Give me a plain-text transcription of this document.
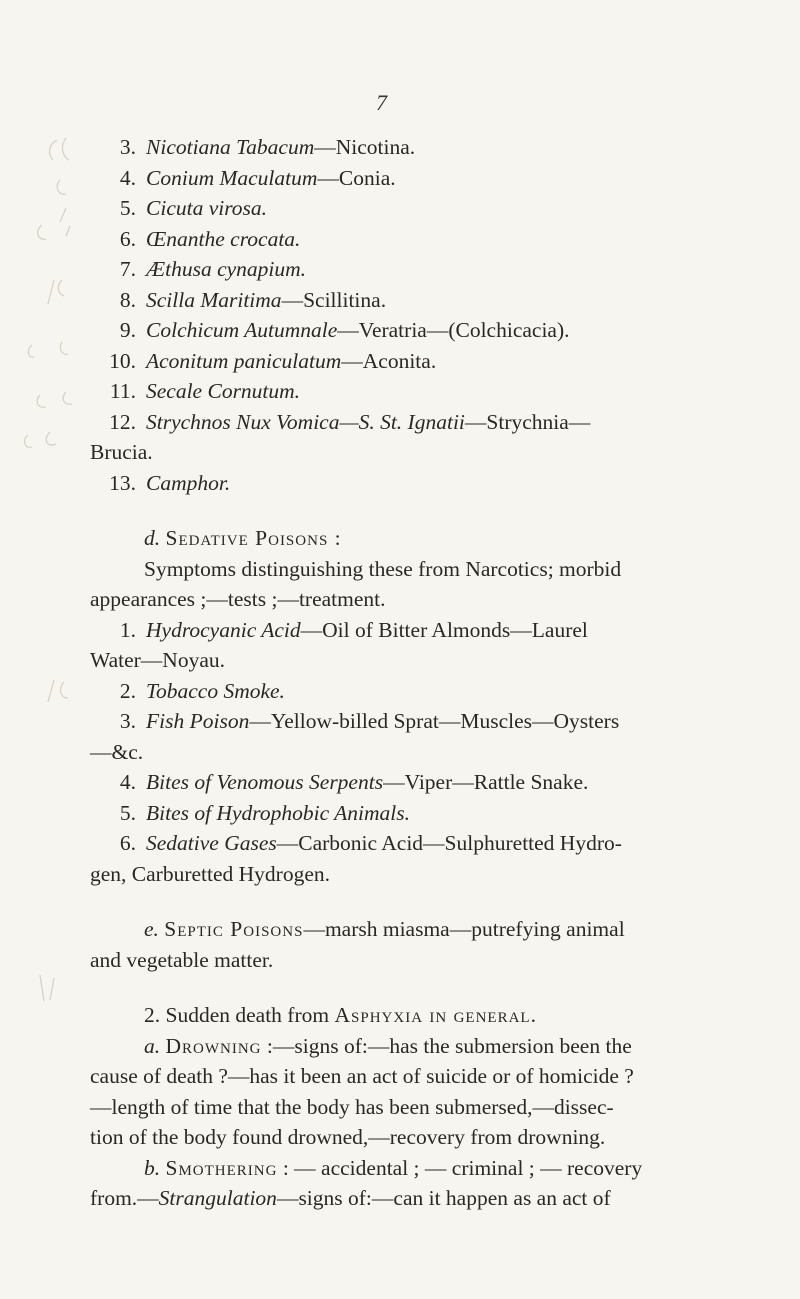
7
3. Nicotiana Tabacum—Nicotina.
4. Conium Maculatum—Conia.
5. Cicuta virosa.
6. Œnanthe crocata.
7. Æthusa cynapium.
8. Scilla Maritima—Scillitina.
9. Colchicum Autumnale—Veratria—(Colchicacia).
10. Aconitum paniculatum—Aconita.
11. Secale Cornutum.
12. Strychnos Nux Vomica—S. St. Ignatii—Strychnia—
Brucia.
13. Camphor.
d. Sedative Poisons :
Symptoms distinguishing these from Narcotics; morbid
appearances ;—tests ;—treatment.
1. Hydrocyanic Acid—Oil of Bitter Almonds—Laurel
Water—Noyau.
2. Tobacco Smoke.
3. Fish Poison—Yellow-billed Sprat—Muscles—Oysters
—&c.
4. Bites of Venomous Serpents—Viper—Rattle Snake.
5. Bites of Hydrophobic Animals.
6. Sedative Gases—Carbonic Acid—Sulphuretted Hydro-
gen, Carburetted Hydrogen.
e. Septic Poisons—marsh miasma—putrefying animal
and vegetable matter.
2. Sudden death from Asphyxia in general.
a. Drowning :—signs of:—has the submersion been the
cause of death ?—has it been an act of suicide or of homicide ?
—length of time that the body has been submersed,—dissec-
tion of the body found drowned,—recovery from drowning.
b. Smothering : — accidental ; — criminal ; — recovery
from.—Strangulation—signs of:—can it happen as an act of
